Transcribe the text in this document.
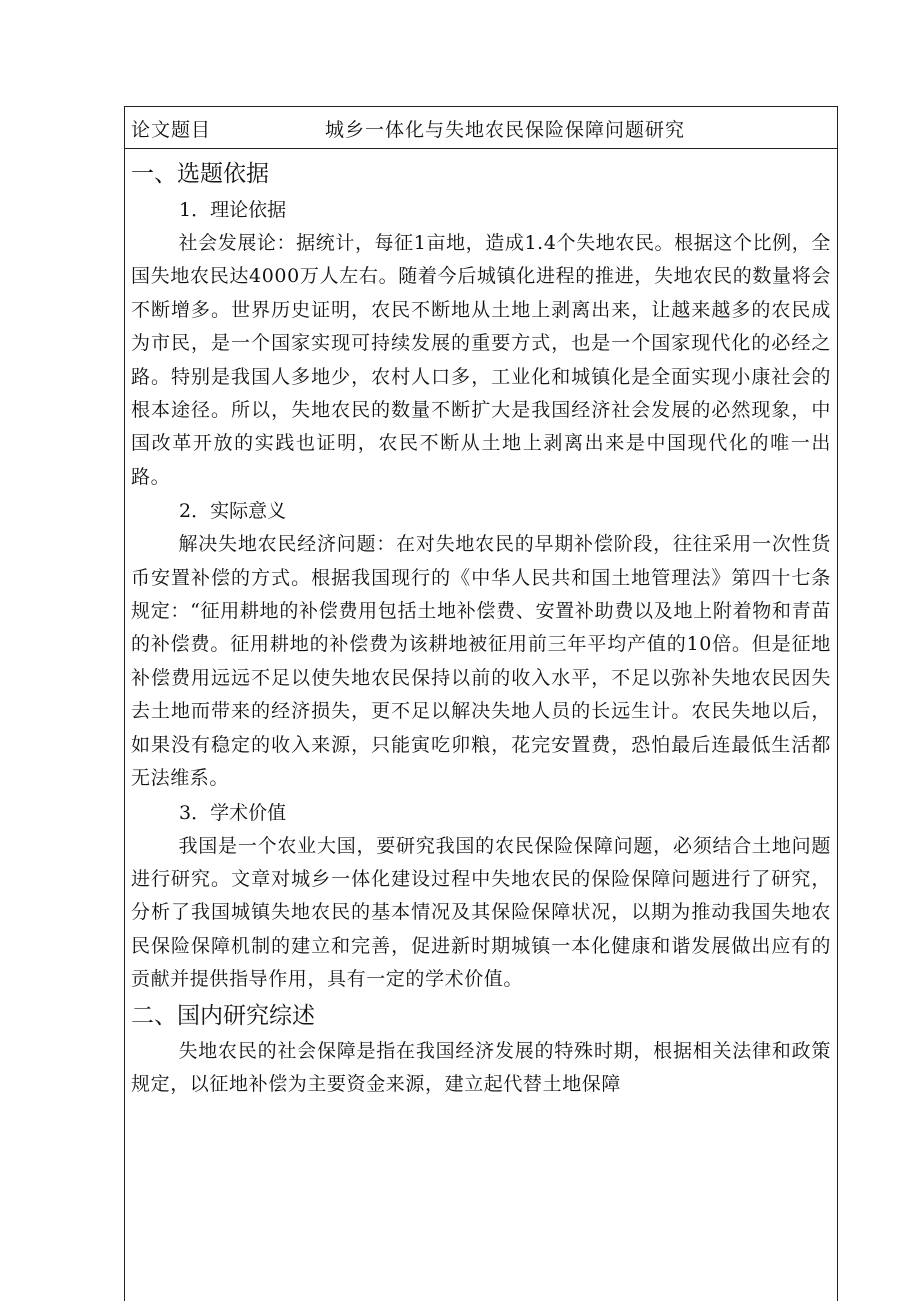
论文题目	城乡一体化与失地农民保险保障问题研究

一、选题依据

1．理论依据

社会发展论：据统计，每征1亩地，造成1.4个失地农民。根据这个比例，全国失地农民达4000万人左右。随着今后城镇化进程的推进，失地农民的数量将会不断增多。世界历史证明，农民不断地从土地上剥离出来，让越来越多的农民成为市民，是一个国家实现可持续发展的重要方式，也是一个国家现代化的必经之路。特别是我国人多地少，农村人口多，工业化和城镇化是全面实现小康社会的根本途径。所以，失地农民的数量不断扩大是我国经济社会发展的必然现象，中国改革开放的实践也证明，农民不断从土地上剥离出来是中国现代化的唯一出路。

2．实际意义

解决失地农民经济问题：在对失地农民的早期补偿阶段，往往采用一次性货币安置补偿的方式。根据我国现行的《中华人民共和国土地管理法》第四十七条规定：“征用耕地的补偿费用包括土地补偿费、安置补助费以及地上附着物和青苗的补偿费。征用耕地的补偿费为该耕地被征用前三年平均产值的10倍。但是征地补偿费用远远不足以使失地农民保持以前的收入水平，不足以弥补失地农民因失去土地而带来的经济损失，更不足以解决失地人员的长远生计。农民失地以后，如果没有稳定的收入来源，只能寅吃卯粮，花完安置费，恐怕最后连最低生活都无法维系。

3．学术价值

我国是一个农业大国，要研究我国的农民保险保障问题，必须结合土地问题进行研究。文章对城乡一体化建设过程中失地农民的保险保障问题进行了研究，分析了我国城镇失地农民的基本情况及其保险保障状况，以期为推动我国失地农民保险保障机制的建立和完善，促进新时期城镇一本化健康和谐发展做出应有的贡献并提供指导作用，具有一定的学术价值。

二、国内研究综述

失地农民的社会保障是指在我国经济发展的特殊时期，根据相关法律和政策规定，以征地补偿为主要资金来源，建立起代替土地保障
